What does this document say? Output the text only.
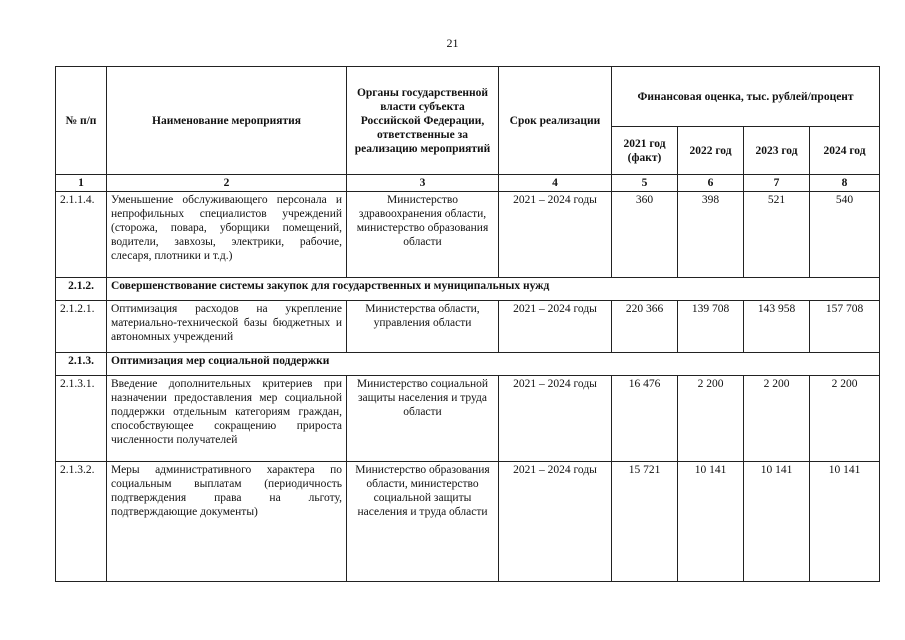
21
№ п/п	Наименование мероприятия	Органы государственной власти субъекта Российской Федерации, ответственные за реализацию мероприятий	Срок реализации	Финансовая оценка, тыс. рублей/процент			
				2021 год (факт)	2022 год	2023 год	2024 год
1	2	3	4	5	6	7	8
2.1.1.4.	Уменьшение обслуживающего персонала и непрофильных специалистов учреждений (сторожа, повара, уборщики помещений, водители, завхозы, электрики, рабочие, слесаря, плотники и т.д.)	Министерство здравоохранения области, министерство образования области	2021 – 2024 годы	360	398	521	540
2.1.2.	Совершенствование системы закупок для государственных и муниципальных нужд						
2.1.2.1.	Оптимизация расходов на укрепление материально-технической базы бюджетных и автономных учреждений	Министерства области, управления области	2021 – 2024 годы	220 366	139 708	143 958	157 708
2.1.3.	Оптимизация мер социальной поддержки						
2.1.3.1.	Введение дополнительных критериев при назначении предоставления мер социальной поддержки отдельным категориям граждан, способствующее сокращению прироста численности получателей	Министерство социальной защиты населения и труда области	2021 – 2024 годы	16 476	2 200	2 200	2 200
2.1.3.2.	Меры административного характера по социальным выплатам (периодичность подтверждения права на льготу, подтверждающие документы)	Министерство образования области, министерство социальной защиты населения и труда области	2021 – 2024 годы	15 721	10 141	10 141	10 141
